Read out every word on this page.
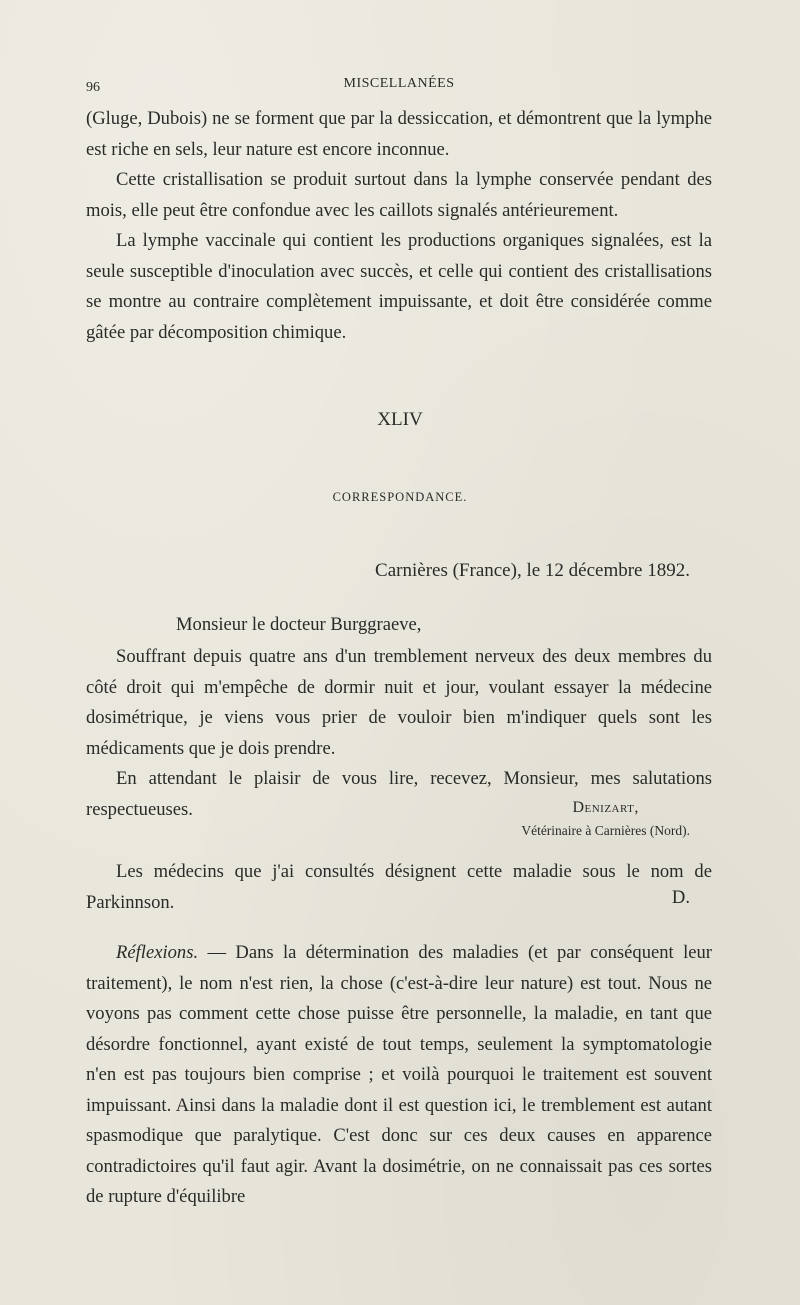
96	MISCELLANÉES

(Gluge, Dubois) ne se forment que par la dessiccation, et démontrent que la lymphe est riche en sels, leur nature est encore inconnue.

Cette cristallisation se produit surtout dans la lymphe conservée pendant des mois, elle peut être confondue avec les caillots signalés antérieurement.

La lymphe vaccinale qui contient les productions organiques signalées, est la seule susceptible d'inoculation avec succès, et celle qui contient des cristallisations se montre au contraire complètement impuissante, et doit être considérée comme gâtée par décomposition chimique.

XLIV
CORRESPONDANCE.
Carnières (France), le 12 décembre 1892.
Monsieur le docteur Burggraeve,

Souffrant depuis quatre ans d'un tremblement nerveux des deux membres du côté droit qui m'empêche de dormir nuit et jour, voulant essayer la médecine dosimétrique, je viens vous prier de vouloir bien m'indiquer quels sont les médicaments que je dois prendre.

En attendant le plaisir de vous lire, recevez, Monsieur, mes salutations respectueuses.	Denizart,
Vétérinaire à Carnières (Nord).

Les médecins que j'ai consultés désignent cette maladie sous le nom de Parkinnson.	D.

Réflexions. — Dans la détermination des maladies (et par conséquent leur traitement), le nom n'est rien, la chose (c'est-à-dire leur nature) est tout. Nous ne voyons pas comment cette chose puisse être personnelle, la maladie, en tant que désordre fonctionnel, ayant existé de tout temps, seulement la symptomatologie n'en est pas toujours bien comprise ; et voilà pourquoi le traitement est souvent impuissant. Ainsi dans la maladie dont il est question ici, le tremblement est autant spasmodique que paralytique. C'est donc sur ces deux causes en apparence contradictoires qu'il faut agir. Avant la dosimétrie, on ne connaissait pas ces sortes de rupture d'équilibre
